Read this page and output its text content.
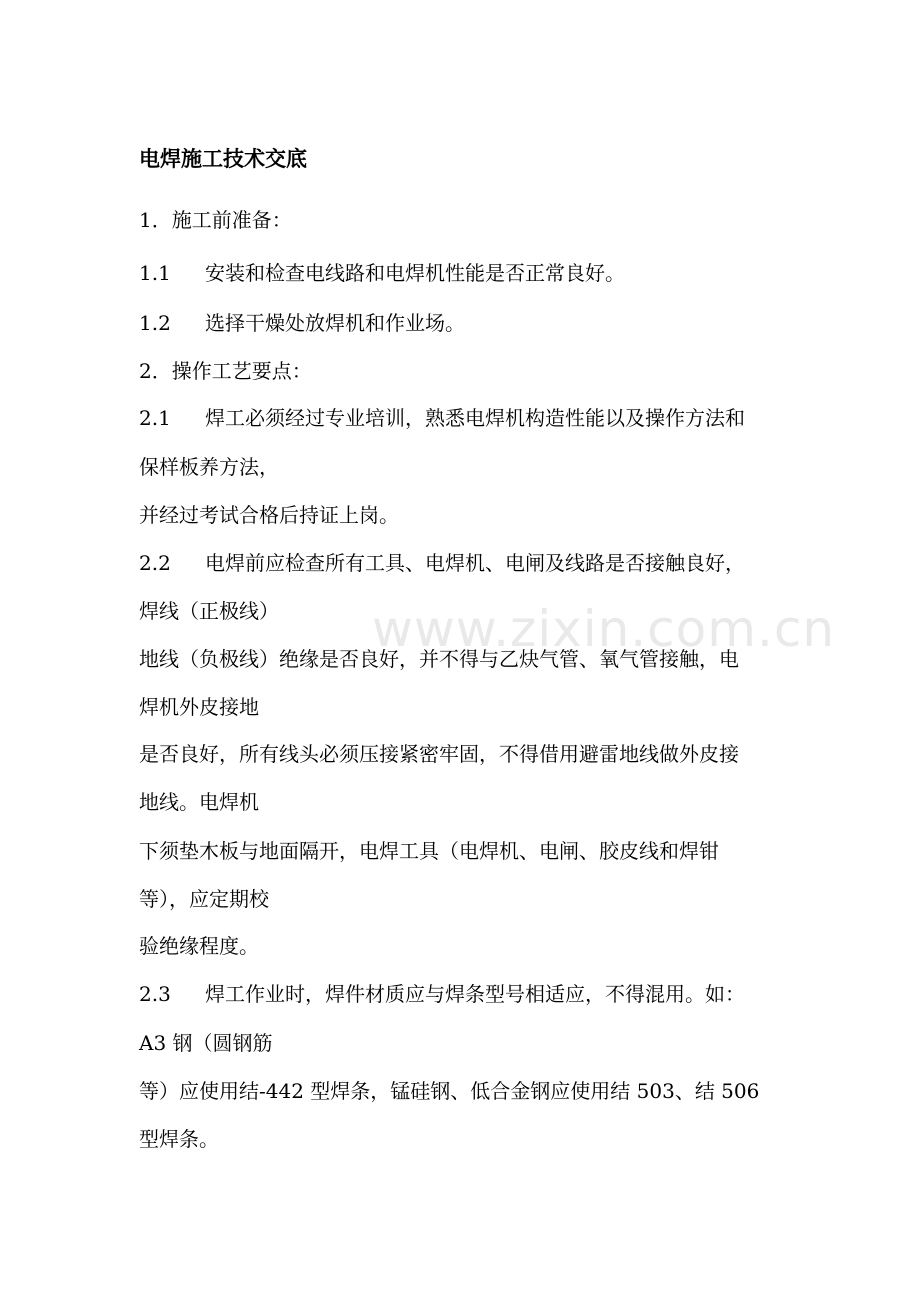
www.zixin.com.cn
电焊施工技术交底
1．施工前准备：
1.1 安装和检查电线路和电焊机性能是否正常良好。
1.2 选择干燥处放焊机和作业场。
2．操作工艺要点：
2.1 焊工必须经过专业培训，熟悉电焊机构造性能以及操作方法和
保样板养方法，
并经过考试合格后持证上岗。
2.2 电焊前应检查所有工具、电焊机、电闸及线路是否接触良好，
焊线（正极线）
地线（负极线）绝缘是否良好，并不得与乙炔气管、氧气管接触，电
焊机外皮接地
是否良好，所有线头必须压接紧密牢固，不得借用避雷地线做外皮接
地线。电焊机
下须垫木板与地面隔开，电焊工具（电焊机、电闸、胶皮线和焊钳
等），应定期校
验绝缘程度。
2.3 焊工作业时，焊件材质应与焊条型号相适应，不得混用。如：
A3 钢（圆钢筋
等）应使用结-442 型焊条，锰硅钢、低合金钢应使用结 503、结 506
型焊条。
